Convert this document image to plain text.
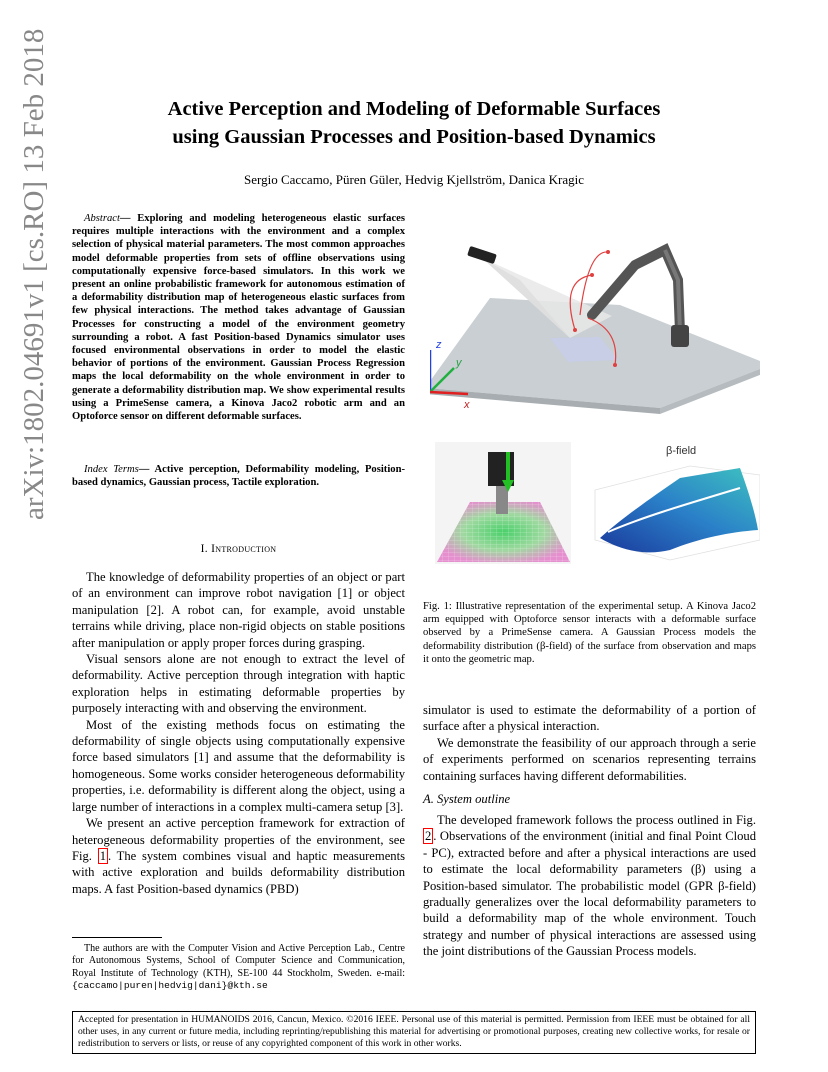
Active Perception and Modeling of Deformable Surfaces
using Gaussian Processes and Position-based Dynamics
Sergio Caccamo, Püren Güler, Hedvig Kjellström, Danica Kragic
arXiv:1802.04691v1 [cs.RO] 13 Feb 2018	Abstract— Exploring and modeling heterogeneous elastic surfaces requires multiple interactions with the environment and a complex selection of physical material parameters. The most common approaches model deformable properties from sets of offline observations using computationally expensive force-based simulators. In this work we present an online probabilistic framework for autonomous estimation of a deformability distribution map of heterogeneous elastic surfaces from few physical interactions. The method takes advantage of Gaussian Processes for constructing a model of the environment geometry surrounding a robot. A fast Position-based Dynamics simulator uses focused environmental observations in order to model the elastic behavior of portions of the environment. Gaussian Process Regression maps the local deformability on the whole environment in order to generate a deformability distribution map. We show experimental results using a PrimeSense camera, a Kinova Jaco2 robotic arm and an Optoforce sensor on different deformable surfaces.
Index Terms— Active perception, Deformability modeling, Position-based dynamics, Gaussian process, Tactile exploration.
I. Introduction

The knowledge of deformability properties of an object or part of an environment can improve robot navigation [1] or object manipulation [2]. A robot can, for example, avoid unstable terrains while driving, place non-rigid objects on stable positions after manipulation or apply proper forces during grasping.

Visual sensors alone are not enough to extract the level of deformability. Active perception through integration with haptic exploration helps in estimating deformable properties by purposely interacting with and observing the environment.

Most of the existing methods focus on estimating the deformability of single objects using computationally expensive force based simulators [1] and assume that the deformability is homogeneous. Some works consider heterogeneous deformability properties, i.e. deformability is different along the object, using a large number of interactions in a complex multi-camera setup [3].

We present an active perception framework for extraction of heterogeneous deformability properties of the environment, see Fig. 1 . The system combines visual and haptic measurements with active exploration and builds deformability distribution maps. A fast Position-based dynamics (PBD)

The authors are with the Computer Vision and Active Perception Lab., Centre for Autonomous Systems, School of Computer Science and Communication, Royal Institute of Technology (KTH), SE-100 44 Stockholm, Sweden. e-mail: {caccamo|puren|hedvig|dani}@kth.se
z
y
x
β-field
Fig. 1: Illustrative representation of the experimental setup. A Kinova Jaco2 arm equipped with Optoforce sensor interacts with a deformable surface observed by a PrimeSense camera. A Gaussian Process models the deformability distribution (β-field) of the surface from observation and maps it onto the geometric map.

simulator is used to estimate the deformability of a portion of surface after a physical interaction.

We demonstrate the feasibility of our approach through a serie of experiments performed on scenarios representing terrains containing surfaces having different deformabilities.

A. System outline

The developed framework follows the process outlined in Fig. 2 . Observations of the environment (initial and final Point Cloud - PC), extracted before and after a physical interactions are used to estimate the local deformability parameters (β) using a Position-based simulator. The probabilistic model (GPR β-field) gradually generalizes over the local deformability parameters to build a deformability map of the whole environment. Touch strategy and number of physical interactions are assessed using the joint distributions of the Gaussian Process models.

Accepted for presentation in HUMANOIDS 2016, Cancun, Mexico. ©2016 IEEE. Personal use of this material is permitted. Permission from IEEE must be obtained for all other uses, in any current or future media, including reprinting/republishing this material for advertising or promotional purposes, creating new collective works, for resale or redistribution to servers or lists, or reuse of any copyrighted component of this work in other works.
